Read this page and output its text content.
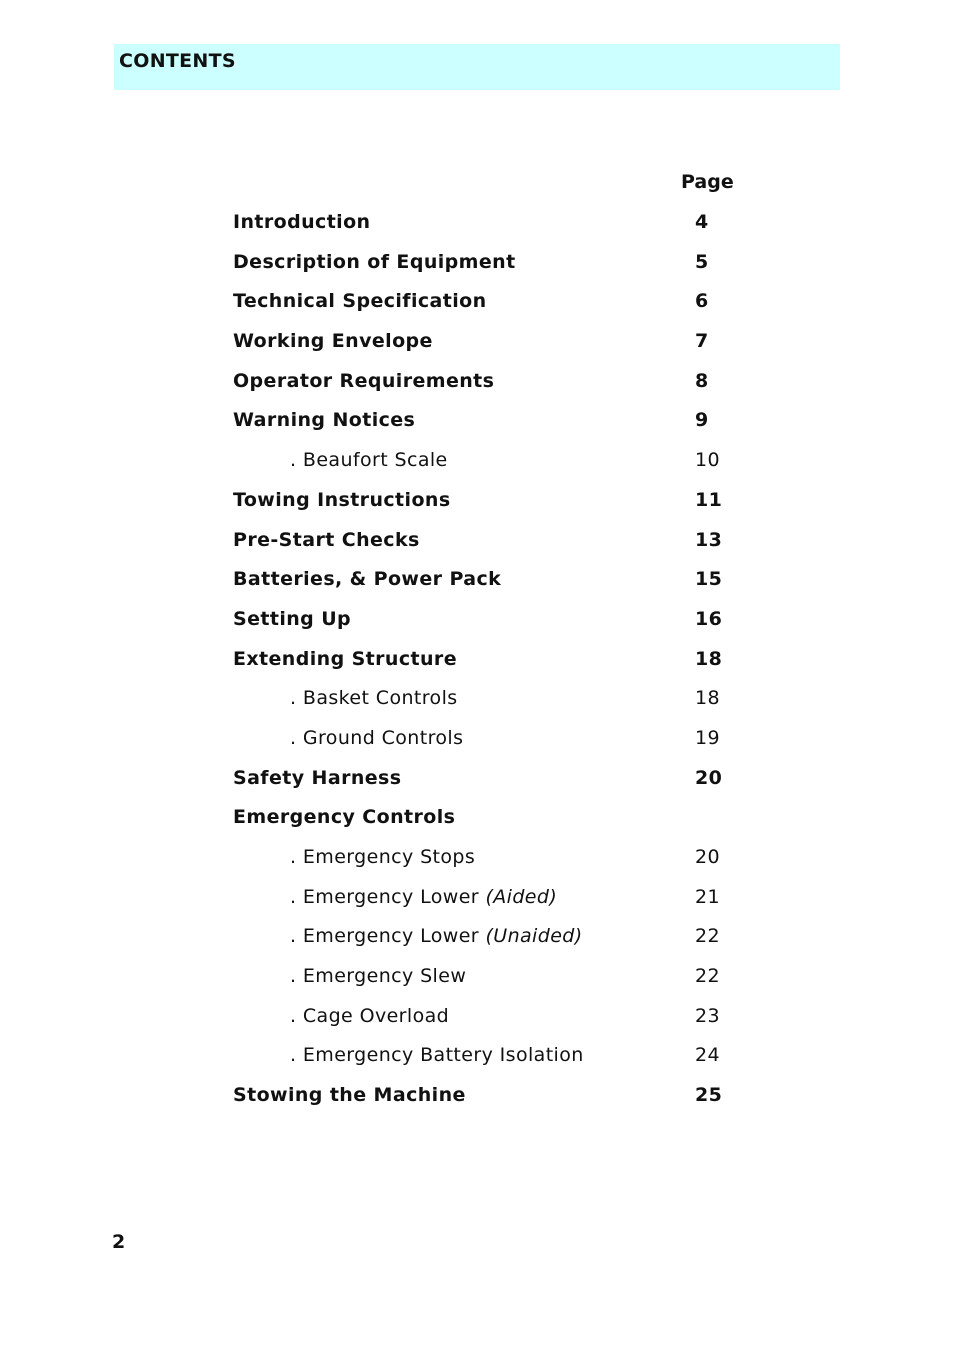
CONTENTS
Page
Introduction	4
Description of Equipment	5
Technical Specification	6
Working Envelope	7
Operator Requirements	8
Warning Notices	9
. Beaufort Scale	10
Towing Instructions	11
Pre-Start Checks	13
Batteries, & Power Pack	15
Setting Up	16
Extending Structure	18
. Basket Controls	18
. Ground Controls	19
Safety Harness	20
Emergency Controls
. Emergency Stops	20
. Emergency Lower (Aided)	21
. Emergency Lower (Unaided)	22
. Emergency Slew	22
. Cage Overload	23
. Emergency Battery Isolation	24
Stowing the Machine	25
2
